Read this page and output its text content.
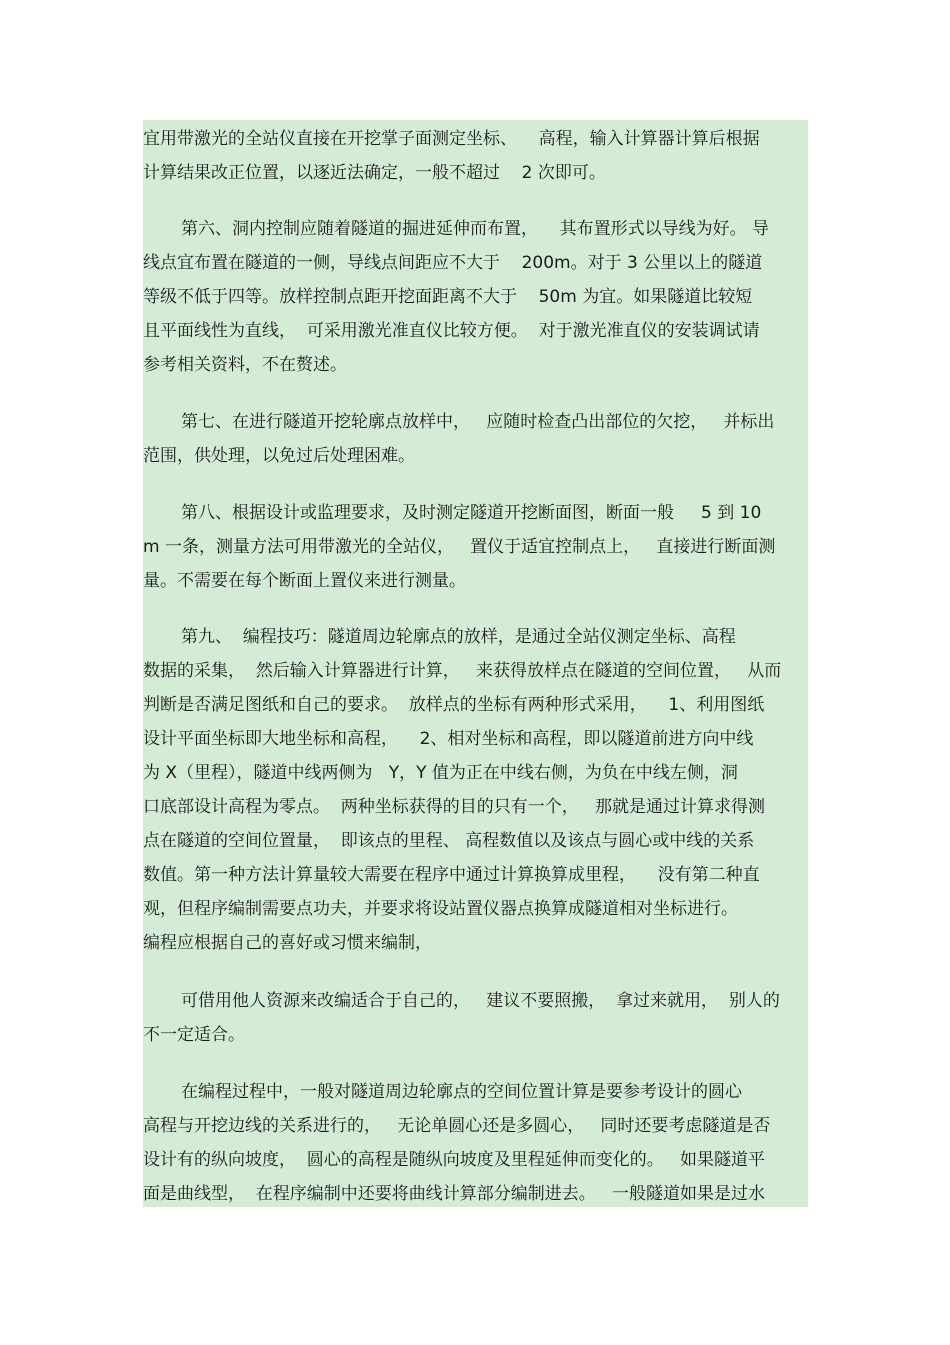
宜用带激光的全站仪直接在开挖掌子面测定坐标、    高程，输入计算器计算后根据
计算结果改正位置，以逐近法确定，一般不超过    2 次即可。
第六、洞内控制应随着隧道的掘进延伸而布置，    其布置形式以导线为好。 导
线点宜布置在隧道的一侧，导线点间距应不大于    200m。对于 3 公里以上的隧道
等级不低于四等。放样控制点距开挖面距离不大于    50m 为宜。如果隧道比较短
且平面线性为直线，  可采用激光准直仪比较方便。  对于激光准直仪的安装调试请
参考相关资料，不在赘述。
第七、在进行隧道开挖轮廓点放样中，   应随时检查凸出部位的欠挖，   并标出
范围，供处理，以免过后处理困难。
第八、根据设计或监理要求，及时测定隧道开挖断面图，断面一般     5 到 10
m 一条，测量方法可用带激光的全站仪，   置仪于适宜控制点上，   直接进行断面测
量。不需要在每个断面上置仪来进行测量。
第九、  编程技巧：隧道周边轮廓点的放样，是通过全站仪测定坐标、高程
数据的采集，  然后输入计算器进行计算，   来获得放样点在隧道的空间位置，   从而
判断是否满足图纸和自己的要求。  放样点的坐标有两种形式采用，    1、利用图纸
设计平面坐标即大地坐标和高程，    2、相对坐标和高程，即以隧道前进方向中线
为 X（里程），隧道中线两侧为   Y，Y 值为正在中线右侧，为负在中线左侧，洞
口底部设计高程为零点。  两种坐标获得的目的只有一个，   那就是通过计算求得测
点在隧道的空间位置量，  即该点的里程、 高程数值以及该点与圆心或中线的关系
数值。第一种方法计算量较大需要在程序中通过计算换算成里程，    没有第二种直
观，但程序编制需要点功夫，并要求将设站置仪器点换算成隧道相对坐标进行。
编程应根据自己的喜好或习惯来编制，
可借用他人资源来改编适合于自己的，   建议不要照搬，  拿过来就用，  别人的
不一定适合。
在编程过程中，一般对隧道周边轮廓点的空间位置计算是要参考设计的圆心
高程与开挖边线的关系进行的，   无论单圆心还是多圆心，   同时还要考虑隧道是否
设计有的纵向坡度，  圆心的高程是随纵向坡度及里程延伸而变化的。   如果隧道平
面是曲线型，  在程序编制中还要将曲线计算部分编制进去。   一般隧道如果是过水
